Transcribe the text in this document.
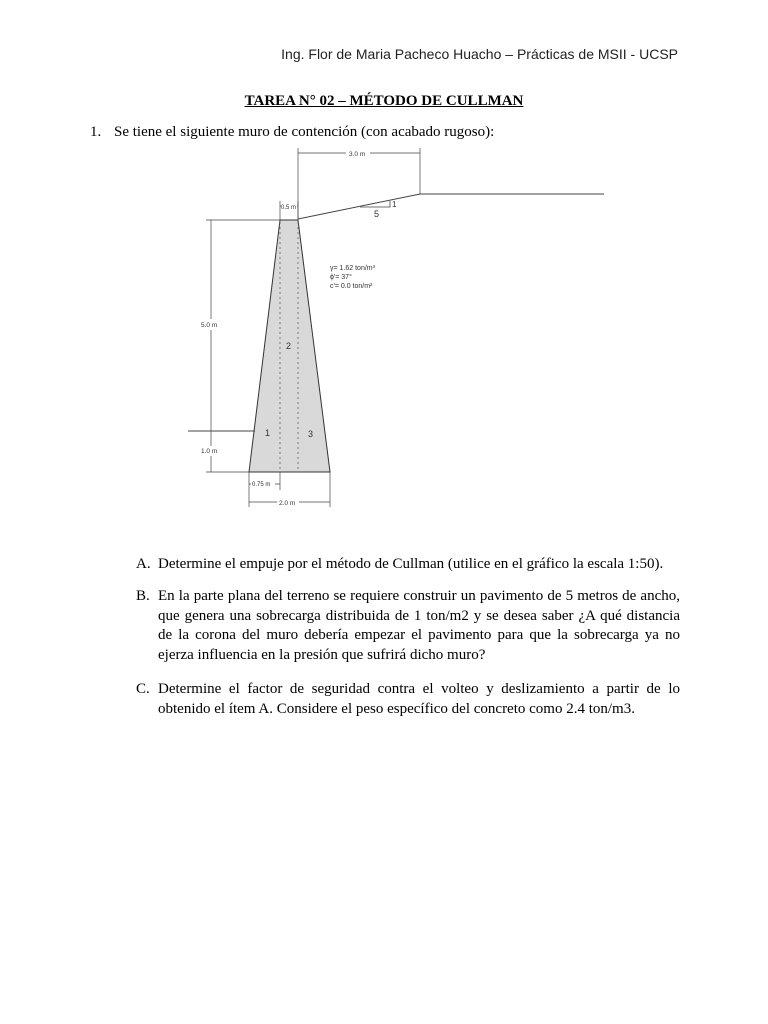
Ing. Flor de Maria Pacheco Huacho – Prácticas de MSII - UCSP
TAREA N° 02 – MÉTODO DE CULLMAN
1. Se tiene el siguiente muro de contención (con acabado rugoso):
5
1
3.0 m
0.5 m
γ= 1.62 ton/m³
ϕ'= 37°
c'= 0.0 ton/m²
5.0 m
1.0 m
1
2
3
0.75 m
2.0 m
A. Determine el empuje por el método de Cullman (utilice en el gráfico la escala 1:50).
B. En la parte plana del terreno se requiere construir un pavimento de 5 metros de ancho, que genera una sobrecarga distribuida de 1 ton/m2 y se desea saber ¿A qué distancia de la corona del muro debería empezar el pavimento para que la sobrecarga ya no ejerza influencia en la presión que sufrirá dicho muro?
C. Determine el factor de seguridad contra el volteo y deslizamiento a partir de lo obtenido el ítem A. Considere el peso específico del concreto como 2.4 ton/m3.
